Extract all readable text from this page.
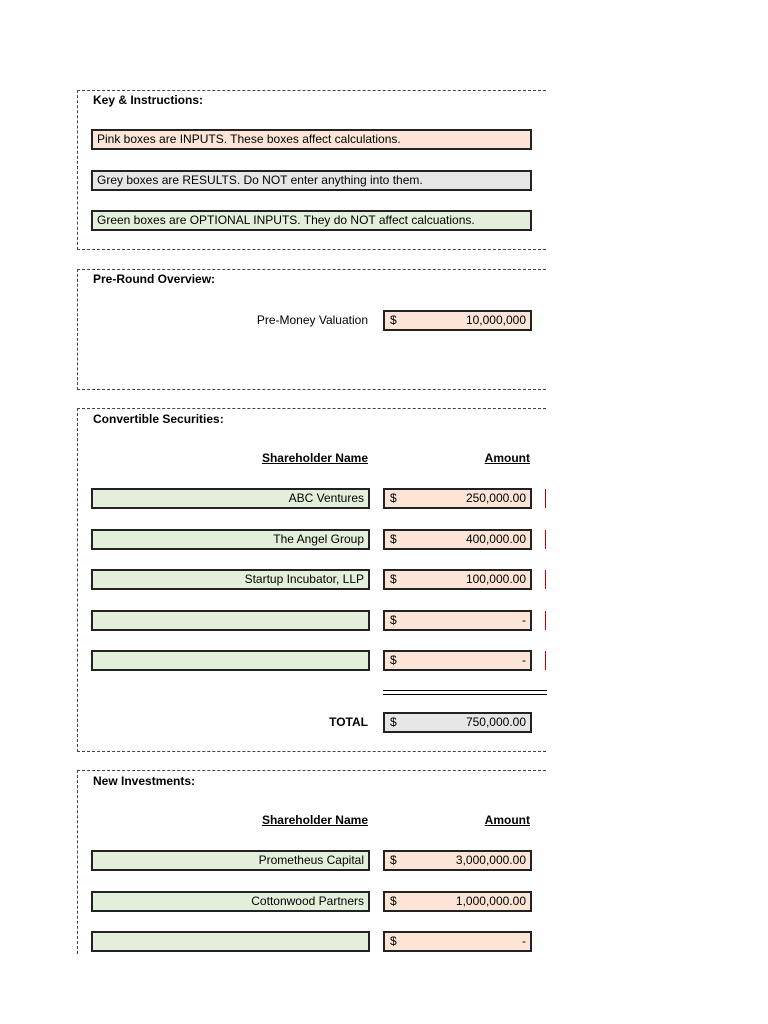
Key & Instructions:
Pink boxes are INPUTS. These boxes affect calculations.
Grey boxes are RESULTS. Do NOT enter anything into them.
Green boxes are OPTIONAL INPUTS. They do NOT affect calcuations.
Pre-Round Overview:
Pre-Money Valuation $	10,000,000
Convertible Securities:
Shareholder Name	Amount
ABC Ventures	$	250,000.00
The Angel Group	$	400,000.00
Startup Incubator, LLP	$	100,000.00
$	-
$	-
TOTAL $	750,000.00
New Investments:
Shareholder Name	Amount
Prometheus Capital	$	3,000,000.00
Cottonwood Partners	$	1,000,000.00
$	-
